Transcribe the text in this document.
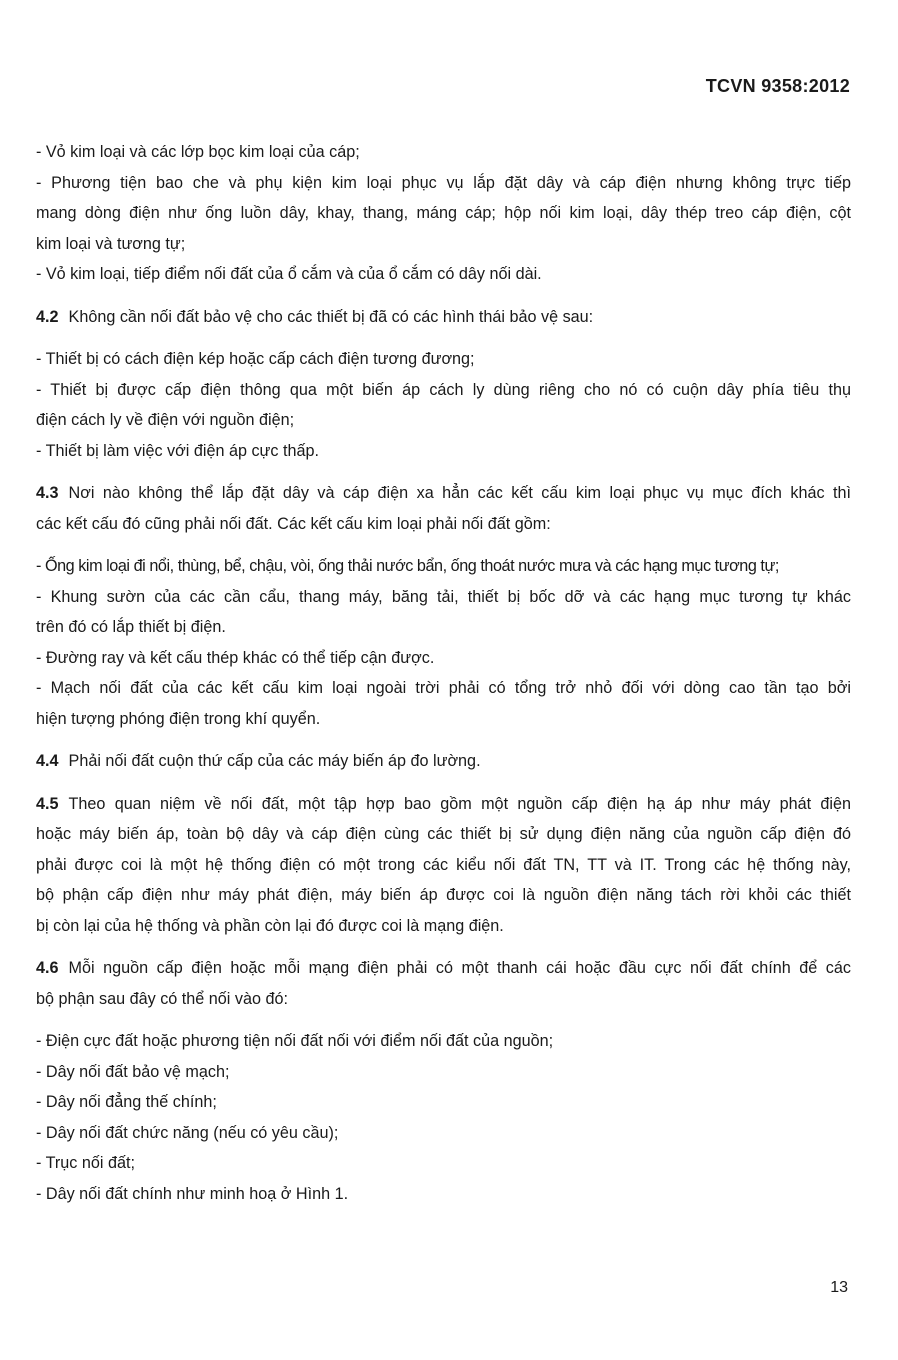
TCVN 9358:2012
- Vỏ kim loại và các lớp bọc kim loại của cáp;
- Phương tiện bao che và phụ kiện kim loại phục vụ lắp đặt dây và cáp điện nhưng không trực tiếp
mang dòng điện như ống luồn dây, khay, thang, máng cáp; hộp nối kim loại, dây thép treo cáp điện, cột
kim loại và tương tự;
- Vỏ kim loại, tiếp điểm nối đất của ổ cắm và của ổ cắm có dây nối dài.
4.2 Không cần nối đất bảo vệ cho các thiết bị đã có các hình thái bảo vệ sau:
- Thiết bị có cách điện kép hoặc cấp cách điện tương đương;
- Thiết bị được cấp điện thông qua một biến áp cách ly dùng riêng cho nó có cuộn dây phía tiêu thụ
điện cách ly về điện với nguồn điện;
- Thiết bị làm việc với điện áp cực thấp.
4.3 Nơi nào không thể lắp đặt dây và cáp điện xa hẳn các kết cấu kim loại phục vụ mục đích khác thì
các kết cấu đó cũng phải nối đất. Các kết cấu kim loại phải nối đất gồm:
- Ống kim loại đi nổi, thùng, bể, chậu, vòi, ống thải nước bẩn, ống thoát nước mưa và các hạng mục tương tự;
- Khung sườn của các cần cẩu, thang máy, băng tải, thiết bị bốc dỡ và các hạng mục tương tự khác
trên đó có lắp thiết bị điện.
- Đường ray và kết cấu thép khác có thể tiếp cận được.
- Mạch nối đất của các kết cấu kim loại ngoài trời phải có tổng trở nhỏ đối với dòng cao tần tạo bởi
hiện tượng phóng điện trong khí quyển.
4.4 Phải nối đất cuộn thứ cấp của các máy biến áp đo lường.
4.5 Theo quan niệm về nối đất, một tập hợp bao gồm một nguồn cấp điện hạ áp như máy phát điện
hoặc máy biến áp, toàn bộ dây và cáp điện cùng các thiết bị sử dụng điện năng của nguồn cấp điện đó
phải được coi là một hệ thống điện có một trong các kiểu nối đất TN, TT và IT. Trong các hệ thống này,
bộ phận cấp điện như máy phát điện, máy biến áp được coi là nguồn điện năng tách rời khỏi các thiết
bị còn lại của hệ thống và phần còn lại đó được coi là mạng điện.
4.6 Mỗi nguồn cấp điện hoặc mỗi mạng điện phải có một thanh cái hoặc đầu cực nối đất chính để các
bộ phận sau đây có thể nối vào đó:
- Điện cực đất hoặc phương tiện nối đất nối với điểm nối đất của nguồn;
- Dây nối đất bảo vệ mạch;
- Dây nối đẳng thế chính;
- Dây nối đất chức năng (nếu có yêu cầu);
- Trục nối đất;
- Dây nối đất chính như minh hoạ ở Hình 1.
13
